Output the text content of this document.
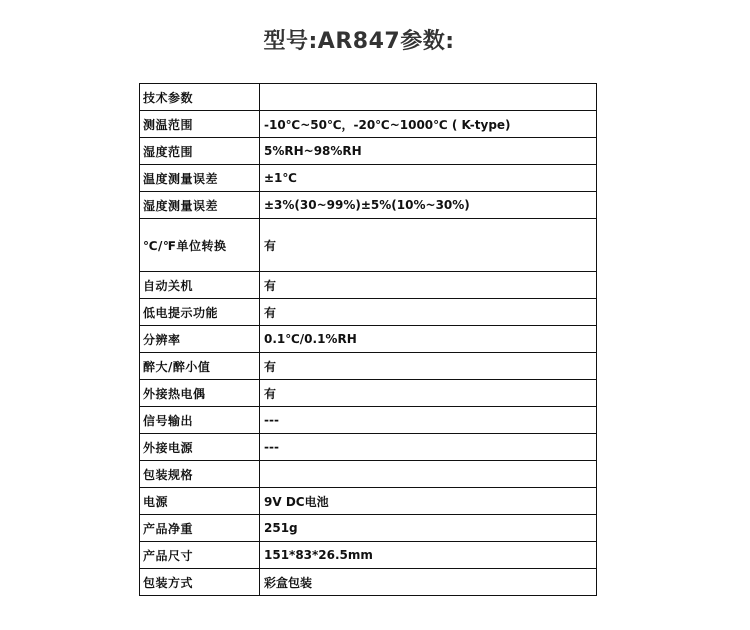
型号:AR847参数:
技术参数	
测温范围	-10℃~50℃，-20℃~1000℃ ( K-type)
湿度范围	5%RH~98%RH
温度测量误差	±1℃
湿度测量误差	±3%(30~99%)±5%(10%~30%)
℃/℉单位转换	有
自动关机	有
低电提示功能	有
分辨率	0.1℃/0.1%RH
醉大/醉小值	有
外接热电偶	有
信号输出	---
外接电源	---
包装规格	
电源	9V DC电池
产品净重	251g
产品尺寸	151*83*26.5mm
包装方式	彩盒包装
